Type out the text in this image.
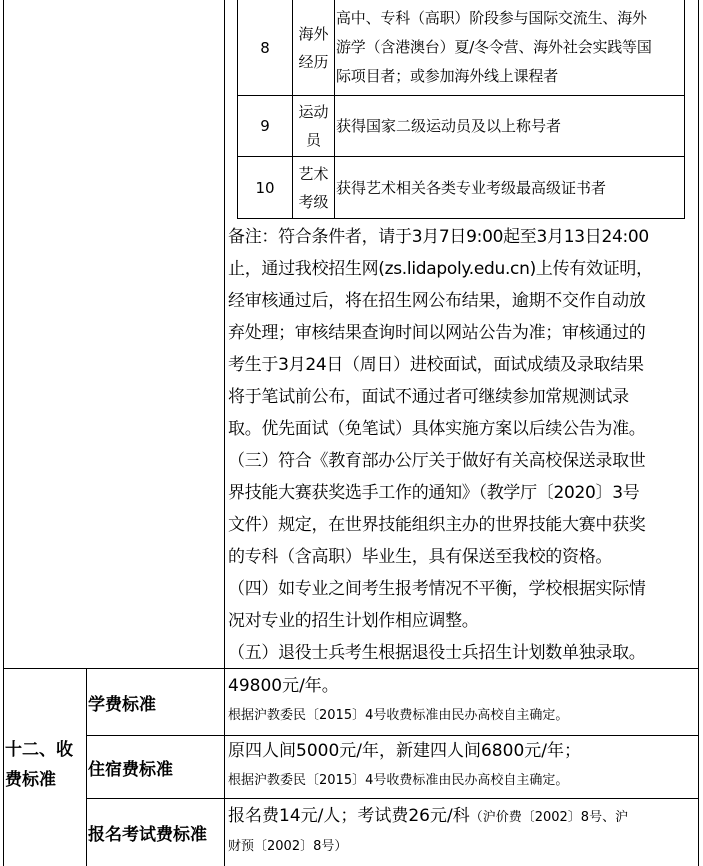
8
海外
经历
高中、专科（高职）阶段参与国际交流生、海外
游学（含港澳台）夏/冬令营、海外社会实践等国
际项目者；或参加海外线上课程者
9
运动
员
获得国家二级运动员及以上称号者
10
艺术
考级
获得艺术相关各类专业考级最高级证书者
备注：符合条件者，请于3月7日9:00起至3月13日24:00
止，通过我校招生网(zs.lidapoly.edu.cn)上传有效证明，
经审核通过后，将在招生网公布结果，逾期不交作自动放
弃处理；审核结果查询时间以网站公告为准；审核通过的
考生于3月24日（周日）进校面试，面试成绩及录取结果
将于笔试前公布，面试不通过者可继续参加常规测试录
取。优先面试（免笔试）具体实施方案以后续公告为准。
（三）符合《教育部办公厅关于做好有关高校保送录取世
界技能大赛获奖选手工作的通知》（教学厅〔2020〕3号
文件）规定，在世界技能组织主办的世界技能大赛中获奖
的专科（含高职）毕业生，具有保送至我校的资格。
（四）如专业之间考生报考情况不平衡，学校根据实际情
况对专业的招生计划作相应调整。
（五）退役士兵考生根据退役士兵招生计划数单独录取。
十二、收
费标准
学费标准
49800元/年。
根据沪教委民〔2015〕4号收费标准由民办高校自主确定。
住宿费标准
原四人间5000元/年，新建四人间6800元/年；
根据沪教委民〔2015〕4号收费标准由民办高校自主确定。
报名考试费标准
报名费14元/人；考试费26元/科（沪价费〔2002〕8号、沪
财预〔2002〕8号）
